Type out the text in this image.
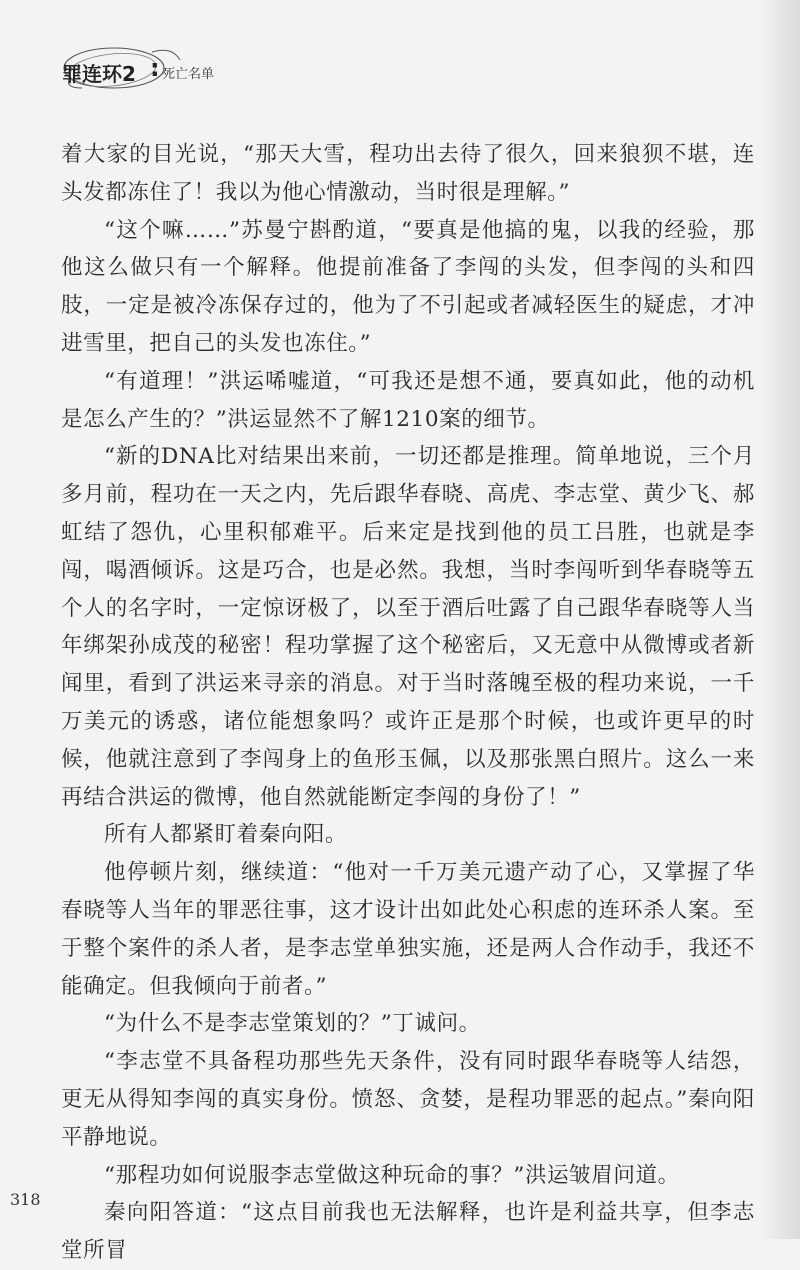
罪连环2 : 死亡名单

着大家的目光说，“那天大雪，程功出去待了很久，回来狼狈不堪，连头发都冻住了！我以为他心情激动，当时很是理解。”

“这个嘛……”苏曼宁斟酌道，“要真是他搞的鬼，以我的经验，那他这么做只有一个解释。他提前准备了李闯的头发，但李闯的头和四肢，一定是被冷冻保存过的，他为了不引起或者减轻医生的疑虑，才冲进雪里，把自己的头发也冻住。”

“有道理！”洪运唏嘘道，“可我还是想不通，要真如此，他的动机是怎么产生的？”洪运显然不了解1210案的细节。

“新的DNA比对结果出来前，一切还都是推理。简单地说，三个月多月前，程功在一天之内，先后跟华春晓、高虎、李志堂、黄少飞、郝虹结了怨仇，心里积郁难平。后来定是找到他的员工吕胜，也就是李闯，喝酒倾诉。这是巧合，也是必然。我想，当时李闯听到华春晓等五个人的名字时，一定惊讶极了，以至于酒后吐露了自己跟华春晓等人当年绑架孙成茂的秘密！程功掌握了这个秘密后，又无意中从微博或者新闻里，看到了洪运来寻亲的消息。对于当时落魄至极的程功来说，一千万美元的诱惑，诸位能想象吗？或许正是那个时候，也或许更早的时候，他就注意到了李闯身上的鱼形玉佩，以及那张黑白照片。这么一来再结合洪运的微博，他自然就能断定李闯的身份了！”

所有人都紧盯着秦向阳。

他停顿片刻，继续道：“他对一千万美元遗产动了心，又掌握了华春晓等人当年的罪恶往事，这才设计出如此处心积虑的连环杀人案。至于整个案件的杀人者，是李志堂单独实施，还是两人合作动手，我还不能确定。但我倾向于前者。”

“为什么不是李志堂策划的？”丁诚问。

“李志堂不具备程功那些先天条件，没有同时跟华春晓等人结怨，更无从得知李闯的真实身份。愤怒、贪婪，是程功罪恶的起点。”秦向阳平静地说。

“那程功如何说服李志堂做这种玩命的事？”洪运皱眉问道。

秦向阳答道：“这点目前我也无法解释，也许是利益共享，但李志堂所冒

318
